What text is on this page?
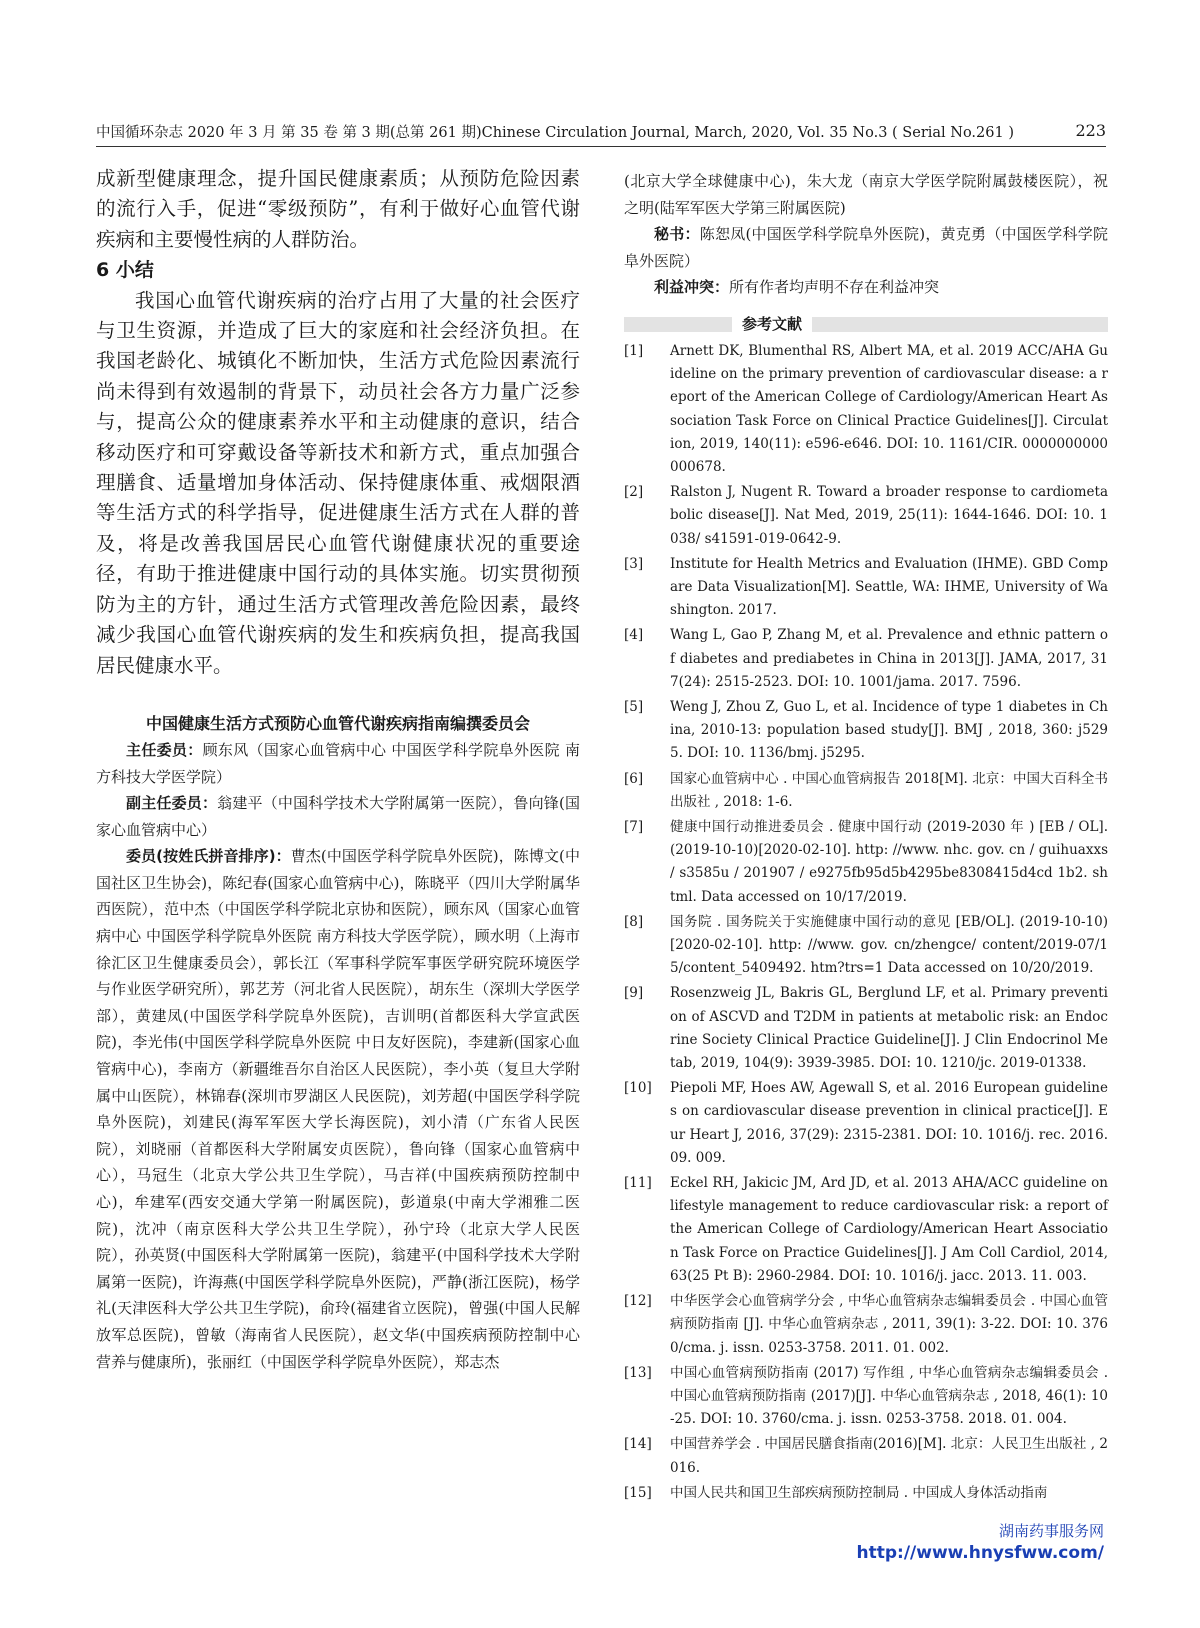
中国循环杂志 2020 年 3 月 第 35 卷 第 3 期(总第 261 期)Chinese Circulation Journal, March, 2020, Vol. 35 No.3 ( Serial No.261 )	223

成新型健康理念，提升国民健康素质；从预防危险因素的流行入手，促进“零级预防”，有利于做好心血管代谢疾病和主要慢性病的人群防治。

6 小结

我国心血管代谢疾病的治疗占用了大量的社会医疗与卫生资源，并造成了巨大的家庭和社会经济负担。在我国老龄化、城镇化不断加快，生活方式危险因素流行尚未得到有效遏制的背景下，动员社会各方力量广泛参与，提高公众的健康素养水平和主动健康的意识，结合移动医疗和可穿戴设备等新技术和新方式，重点加强合理膳食、适量增加身体活动、保持健康体重、戒烟限酒等生活方式的科学指导，促进健康生活方式在人群的普及，将是改善我国居民心血管代谢健康状况的重要途径，有助于推进健康中国行动的具体实施。切实贯彻预防为主的方针，通过生活方式管理改善危险因素，最终减少我国心血管代谢疾病的发生和疾病负担，提高我国居民健康水平。

中国健康生活方式预防心血管代谢疾病指南编撰委员会

主任委员：顾东风（国家心血管病中心 中国医学科学院阜外医院 南方科技大学医学院）

副主任委员：翁建平（中国科学技术大学附属第一医院），鲁向锋(国家心血管病中心）

委员(按姓氏拼音排序)：曹杰(中国医学科学院阜外医院)，陈博文(中国社区卫生协会)，陈纪春(国家心血管病中心)，陈晓平（四川大学附属华西医院），范中杰（中国医学科学院北京协和医院），顾东风（国家心血管病中心 中国医学科学院阜外医院 南方科技大学医学院），顾水明（上海市徐汇区卫生健康委员会），郭长江（军事科学院军事医学研究院环境医学与作业医学研究所），郭艺芳（河北省人民医院），胡东生（深圳大学医学部），黄建凤(中国医学科学院阜外医院)，吉训明(首都医科大学宣武医院)，李光伟(中国医学科学院阜外医院 中日友好医院)，李建新(国家心血管病中心)，李南方（新疆维吾尔自治区人民医院），李小英（复旦大学附属中山医院），林锦春(深圳市罗湖区人民医院)，刘芳超(中国医学科学院阜外医院)，刘建民(海军军医大学长海医院)，刘小清（广东省人民医院），刘晓丽（首都医科大学附属安贞医院），鲁向锋（国家心血管病中心），马冠生（北京大学公共卫生学院），马吉祥(中国疾病预防控制中心)，牟建军(西安交通大学第一附属医院)，彭道泉(中南大学湘雅二医院)，沈冲（南京医科大学公共卫生学院），孙宁玲（北京大学人民医院），孙英贤(中国医科大学附属第一医院)，翁建平(中国科学技术大学附属第一医院)，许海燕(中国医学科学院阜外医院)，严静(浙江医院)，杨学礼(天津医科大学公共卫生学院)，俞玲(福建省立医院)，曾强(中国人民解放军总医院)，曾敏（海南省人民医院），赵文华(中国疾病预防控制中心营养与健康所)，张丽红（中国医学科学院阜外医院），郑志杰

(北京大学全球健康中心)，朱大龙（南京大学医学院附属鼓楼医院），祝之明(陆军军医大学第三附属医院)

秘书：陈恕凤(中国医学科学院阜外医院)，黄克勇（中国医学科学院阜外医院）

利益冲突：所有作者均声明不存在利益冲突

参考文献
[1]	Arnett DK, Blumenthal RS, Albert MA, et al. 2019 ACC/AHA Guideline on the primary prevention of cardiovascular disease: a report of the American College of Cardiology/American Heart Association Task Force on Clinical Practice Guidelines[J]. Circulation, 2019, 140(11): e596-e646. DOI: 10. 1161/CIR. 0000000000000678.
[2]	Ralston J, Nugent R. Toward a broader response to cardiometabolic disease[J]. Nat Med, 2019, 25(11): 1644-1646. DOI: 10. 1038/ s41591-019-0642-9.
[3]	Institute for Health Metrics and Evaluation (IHME). GBD Compare Data Visualization[M]. Seattle, WA: IHME, University of Washington. 2017.
[4]	Wang L, Gao P, Zhang M, et al. Prevalence and ethnic pattern of diabetes and prediabetes in China in 2013[J]. JAMA, 2017, 317(24): 2515-2523. DOI: 10. 1001/jama. 2017. 7596.
[5]	Weng J, Zhou Z, Guo L, et al. Incidence of type 1 diabetes in China, 2010-13: population based study[J]. BMJ , 2018, 360: j5295. DOI: 10. 1136/bmj. j5295.
[6]	国家心血管病中心 . 中国心血管病报告 2018[M]. 北京：中国大百科全书出版社 , 2018: 1-6.
[7]	健康中国行动推进委员会 . 健康中国行动 (2019-2030 年 ) [EB / OL]. (2019-10-10)[2020-02-10]. http: //www. nhc. gov. cn / guihuaxxs / s3585u / 201907 / e9275fb95d5b4295be8308415d4cd 1b2. shtml. Data accessed on 10/17/2019.
[8]	国务院 . 国务院关于实施健康中国行动的意见 [EB/OL]. (2019-10-10)[2020-02-10]. http: //www. gov. cn/zhengce/ content/2019-07/15/content_5409492. htm?trs=1 Data accessed on 10/20/2019.
[9]	Rosenzweig JL, Bakris GL, Berglund LF, et al. Primary prevention of ASCVD and T2DM in patients at metabolic risk: an Endocrine Society Clinical Practice Guideline[J]. J Clin Endocrinol Metab, 2019, 104(9): 3939-3985. DOI: 10. 1210/jc. 2019-01338.
[10]	Piepoli MF, Hoes AW, Agewall S, et al. 2016 European guidelines on cardiovascular disease prevention in clinical practice[J]. Eur Heart J, 2016, 37(29): 2315-2381. DOI: 10. 1016/j. rec. 2016. 09. 009.
[11]	Eckel RH, Jakicic JM, Ard JD, et al. 2013 AHA/ACC guideline on lifestyle management to reduce cardiovascular risk: a report of the American College of Cardiology/American Heart Association Task Force on Practice Guidelines[J]. J Am Coll Cardiol, 2014, 63(25 Pt B): 2960-2984. DOI: 10. 1016/j. jacc. 2013. 11. 003.
[12]	中华医学会心血管病学分会 , 中华心血管病杂志编辑委员会 . 中国心血管病预防指南 [J]. 中华心血管病杂志 , 2011, 39(1): 3-22. DOI: 10. 3760/cma. j. issn. 0253-3758. 2011. 01. 002.
[13]	中国心血管病预防指南 (2017) 写作组 , 中华心血管病杂志编辑委员会 . 中国心血管病预防指南 (2017)[J]. 中华心血管病杂志 , 2018, 46(1): 10-25. DOI: 10. 3760/cma. j. issn. 0253-3758. 2018. 01. 004.
[14]	中国营养学会 . 中国居民膳食指南(2016)[M]. 北京：人民卫生出版社 , 2016.
[15]	中国人民共和国卫生部疾病预防控制局 . 中国成人身体活动指南
湖南药事服务网
http://www.hnysfww.com/
